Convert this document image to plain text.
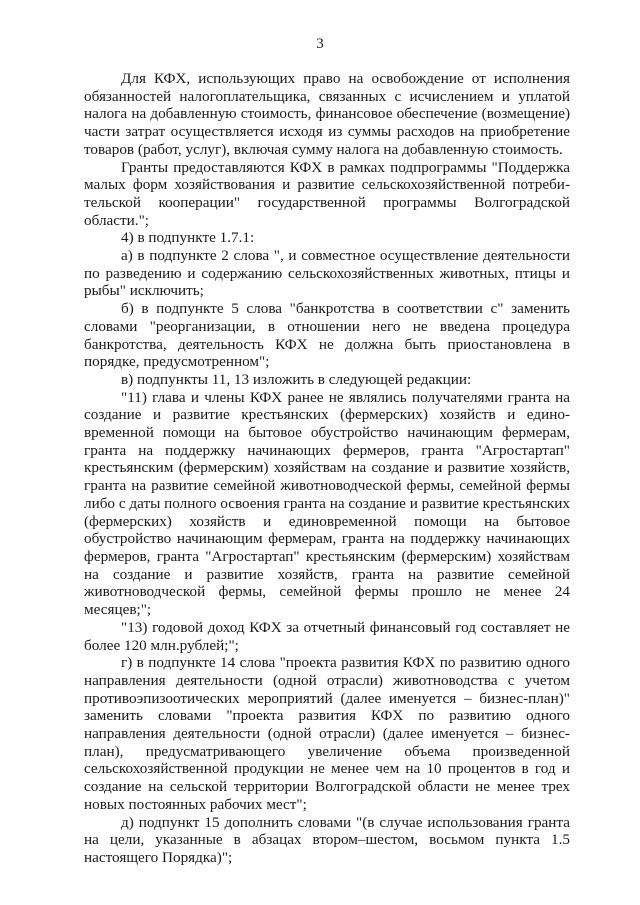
3

Для КФХ, использующих право на освобождение от исполнения обязанностей налогоплательщика, связанных с исчислением и уплатой налога на добавленную стоимость, финансовое обеспечение (возмещение) части затрат осуществляется исходя из суммы расходов на приобретение товаров (работ, услуг), включая сумму налога на добавленную стоимость.

Гранты предоставляются КФХ в рамках подпрограммы "Поддержка малых форм хозяйствования и развитие сельскохозяйственной потребительской кооперации" государственной программы Волгоградской области.";

4) в подпункте 1.7.1:

а) в подпункте 2 слова ", и совместное осуществление деятельности по разведению и содержанию сельскохозяйственных животных, птицы и рыбы" исключить;

б) в подпункте 5 слова "банкротства в соответствии с" заменить словами "реорганизации, в отношении него не введена процедура банкротства, деятельность КФХ не должна быть приостановлена в порядке, предусмотренном";

в) подпункты 11, 13 изложить в следующей редакции:

"11) глава и члены КФХ ранее не являлись получателями гранта на создание и развитие крестьянских (фермерских) хозяйств и единовременной помощи на бытовое обустройство начинающим фермерам, гранта на поддержку начинающих фермеров, гранта "Агростартап" крестьянским (фермерским) хозяйствам на создание и развитие хозяйств, гранта на развитие семейной животноводческой фермы, семейной фермы либо с даты полного освоения гранта на создание и развитие крестьянских (фермерских) хозяйств и единовременной помощи на бытовое обустройство начинающим фермерам, гранта на поддержку начинающих фермеров, гранта "Агростартап" крестьянским (фермерским) хозяйствам на создание и развитие хозяйств, гранта на развитие семейной животноводческой фермы, семейной фермы прошло не менее 24 месяцев;";

"13) годовой доход КФХ за отчетный финансовый год составляет не более 120 млн.рублей;";

г) в подпункте 14 слова "проекта развития КФХ по развитию одного направления деятельности (одной отрасли) животноводства с учетом противоэпизоотических мероприятий (далее именуется – бизнес-план)" заменить словами "проекта развития КФХ по развитию одного направления деятельности (одной отрасли) (далее именуется – бизнес-план), предусматривающего увеличение объема произведенной сельскохозяйственной продукции не менее чем на 10 процентов в год и создание на сельской территории Волгоградской области не менее трех новых постоянных рабочих мест";

д) подпункт 15 дополнить словами "(в случае использования гранта на цели, указанные в абзацах втором–шестом, восьмом пункта 1.5 настоящего Порядка)";
